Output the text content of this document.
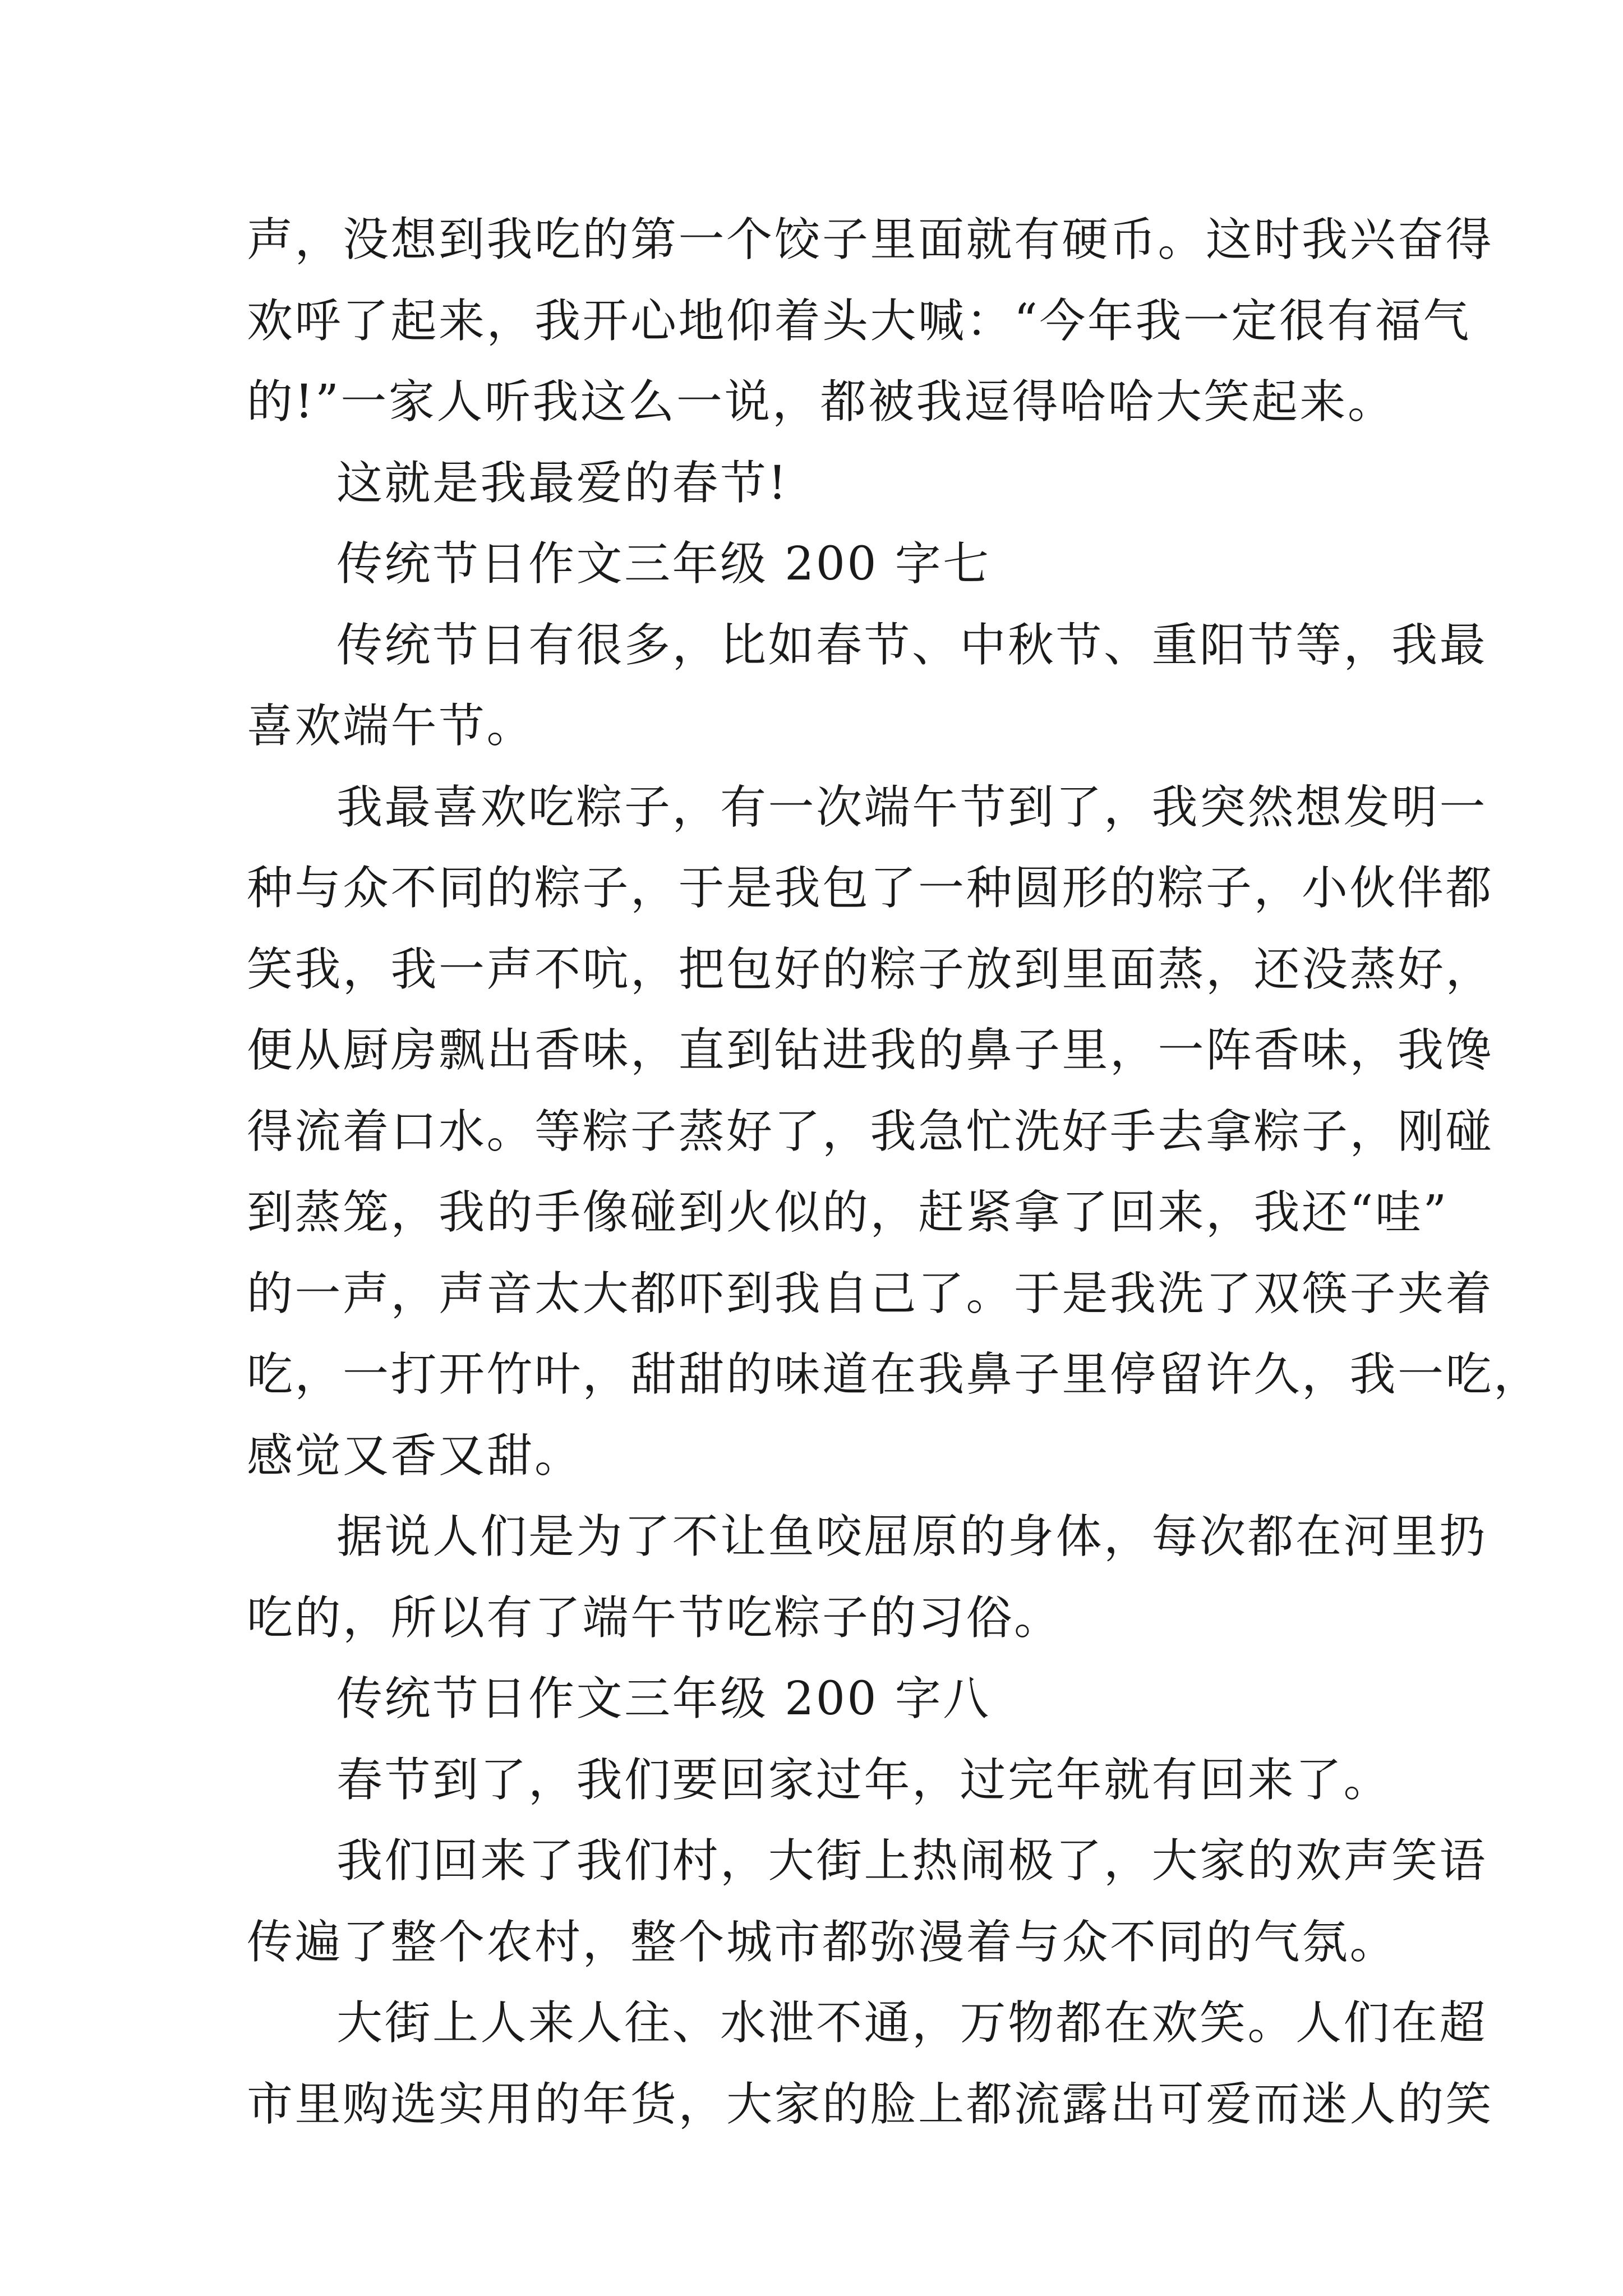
声，没想到我吃的第一个饺子里面就有硬币。这时我兴奋得
欢呼了起来，我开心地仰着头大喊：“今年我一定很有福气
的!”一家人听我这么一说，都被我逗得哈哈大笑起来。
这就是我最爱的春节!
传统节日作文三年级 200 字七
传统节日有很多，比如春节、中秋节、重阳节等，我最
喜欢端午节。
我最喜欢吃粽子，有一次端午节到了，我突然想发明一
种与众不同的粽子，于是我包了一种圆形的粽子，小伙伴都
笑我，我一声不吭，把包好的粽子放到里面蒸，还没蒸好，
便从厨房飘出香味，直到钻进我的鼻子里，一阵香味，我馋
得流着口水。等粽子蒸好了，我急忙洗好手去拿粽子，刚碰
到蒸笼，我的手像碰到火似的，赶紧拿了回来，我还“哇”
的一声，声音太大都吓到我自己了。于是我洗了双筷子夹着
吃，一打开竹叶，甜甜的味道在我鼻子里停留许久，我一吃，
感觉又香又甜。
据说人们是为了不让鱼咬屈原的身体，每次都在河里扔
吃的，所以有了端午节吃粽子的习俗。
传统节日作文三年级 200 字八
春节到了，我们要回家过年，过完年就有回来了。
我们回来了我们村，大街上热闹极了，大家的欢声笑语
传遍了整个农村，整个城市都弥漫着与众不同的气氛。
大街上人来人往、水泄不通，万物都在欢笑。人们在超
市里购选实用的年货，大家的脸上都流露出可爱而迷人的笑
